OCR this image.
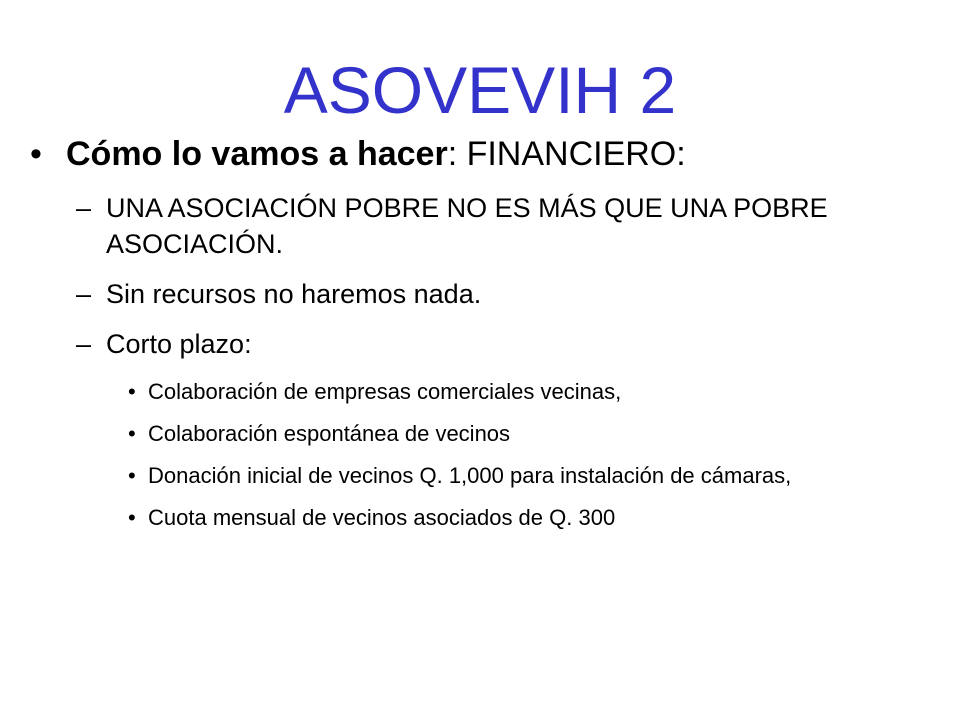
ASOVEVIH 2
• Cómo lo vamos a hacer: FINANCIERO:
– UNA ASOCIACIÓN POBRE NO ES MÁS QUE UNA POBRE ASOCIACIÓN.
– Sin recursos no haremos nada.
– Corto plazo:
• Colaboración de empresas comerciales vecinas,
• Colaboración espontánea de vecinos
• Donación inicial de vecinos Q. 1,000 para instalación de cámaras,
• Cuota mensual de vecinos asociados de Q. 300
